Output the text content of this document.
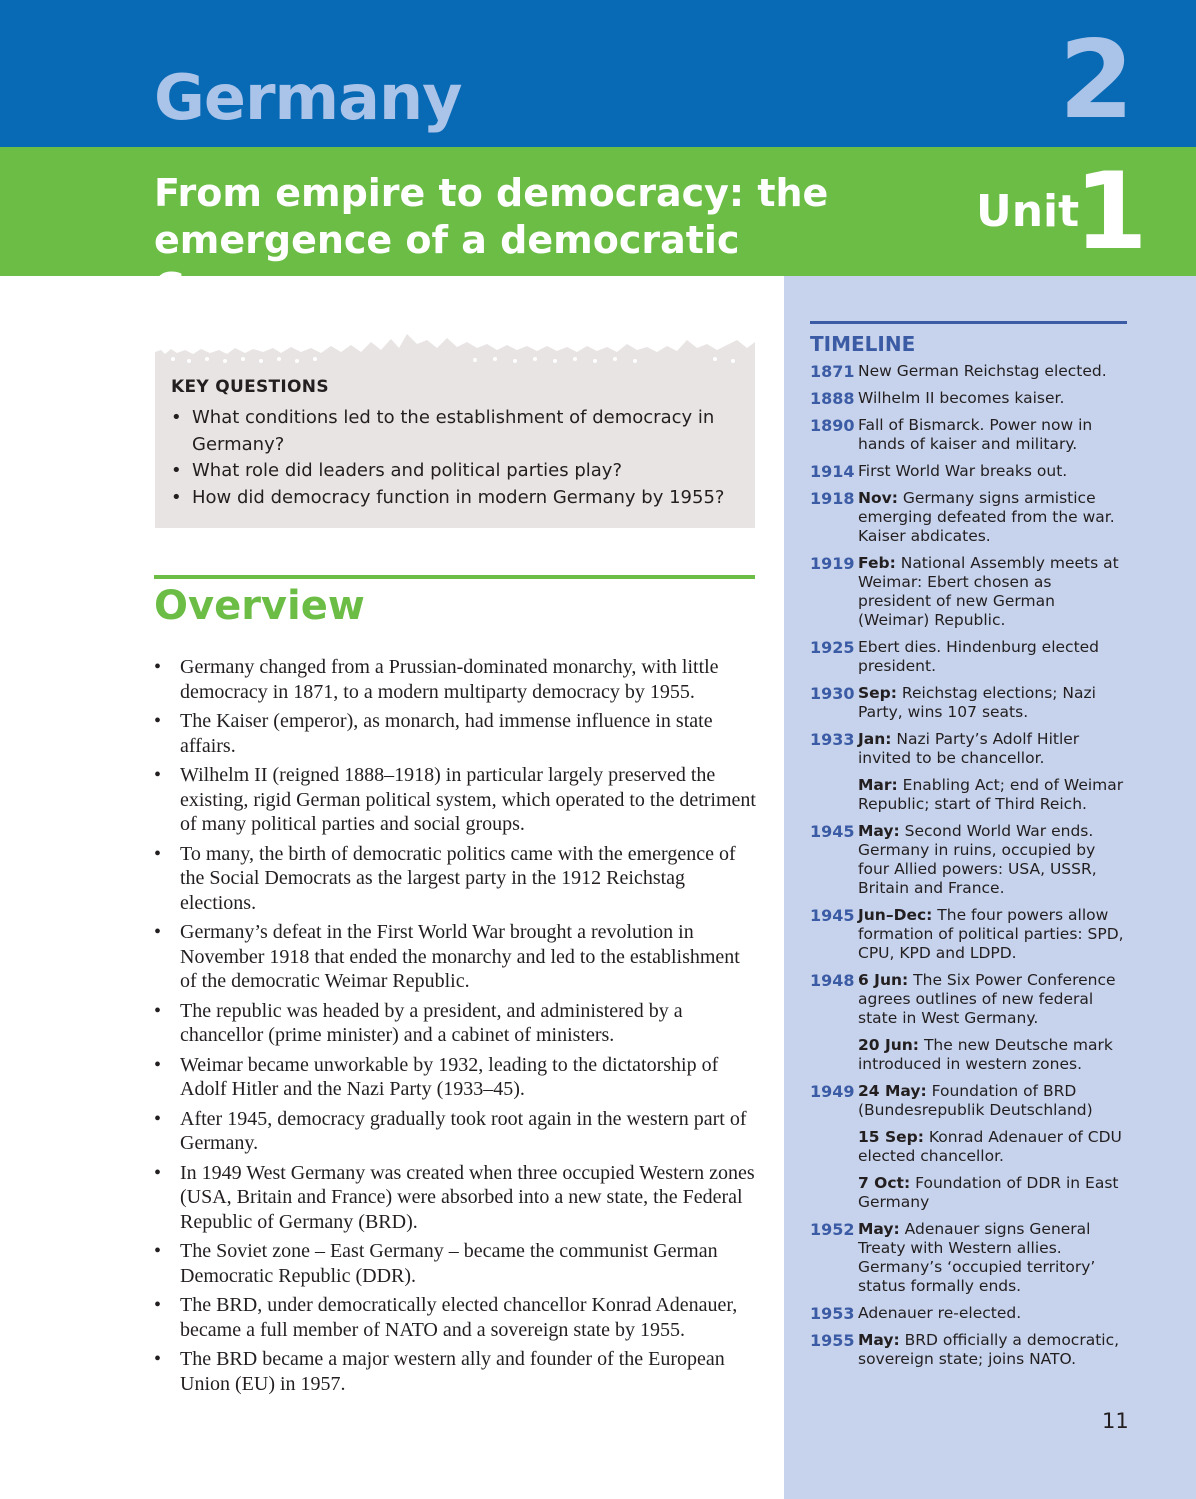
Germany	2
From empire to democracy: the emergence of a democratic Germany
Unit
1
TIMELINE
1871 New German Reichstag elected.
1888 Wilhelm II becomes kaiser.
1890 Fall of Bismarck. Power now in hands of kaiser and military.
1914 First World War breaks out.
1918 Nov: Germany signs armistice emerging defeated from the war. Kaiser abdicates.
1919 Feb: National Assembly meets at Weimar: Ebert chosen as president of new German (Weimar) Republic.
1925 Ebert dies. Hindenburg elected president.
1930 Sep: Reichstag elections; Nazi Party, wins 107 seats.
1933 Jan: Nazi Party’s Adolf Hitler invited to be chancellor.
Mar: Enabling Act; end of Weimar Republic; start of Third Reich.
1945 May: Second World War ends. Germany in ruins, occupied by four Allied powers: USA, USSR, Britain and France.
1945 Jun–Dec: The four powers allow formation of political parties: SPD, CPU, KPD and LDPD.
1948 6 Jun: The Six Power Conference agrees outlines of new federal state in West Germany.
20 Jun: The new Deutsche mark introduced in western zones.
1949 24 May: Foundation of BRD (Bundesrepublik Deutschland)
15 Sep: Konrad Adenauer of CDU elected chancellor.
7 Oct: Foundation of DDR in East Germany
1952 May: Adenauer signs General Treaty with Western allies. Germany’s ‘occupied territory’ status formally ends.
1953 Adenauer re-elected.
1955 May: BRD officially a democratic, sovereign state; joins NATO.
KEY QUESTIONS
• What conditions led to the establishment of democracy in Germany?
• What role did leaders and political parties play?
• How did democracy function in modern Germany by 1955?
Overview
• Germany changed from a Prussian-dominated monarchy, with little democracy in 1871, to a modern multiparty democracy by 1955.
• The Kaiser (emperor), as monarch, had immense influence in state affairs.
• Wilhelm II (reigned 1888–1918) in particular largely preserved the existing, rigid German political system, which operated to the detriment of many political parties and social groups.
• To many, the birth of democratic politics came with the emergence of the Social Democrats as the largest party in the 1912 Reichstag elections.
• Germany’s defeat in the First World War brought a revolution in November 1918 that ended the monarchy and led to the establishment of the democratic Weimar Republic.
• The republic was headed by a president, and administered by a chancellor (prime minister) and a cabinet of ministers.
• Weimar became unworkable by 1932, leading to the dictatorship of Adolf Hitler and the Nazi Party (1933–45).
• After 1945, democracy gradually took root again in the western part of Germany.
• In 1949 West Germany was created when three occupied Western zones (USA, Britain and France) were absorbed into a new state, the Federal Republic of Germany (BRD).
• The Soviet zone – East Germany – became the communist German Democratic Republic (DDR).
• The BRD, under democratically elected chancellor Konrad Adenauer, became a full member of NATO and a sovereign state by 1955.
• The BRD became a major western ally and founder of the European Union (EU) in 1957.
11
